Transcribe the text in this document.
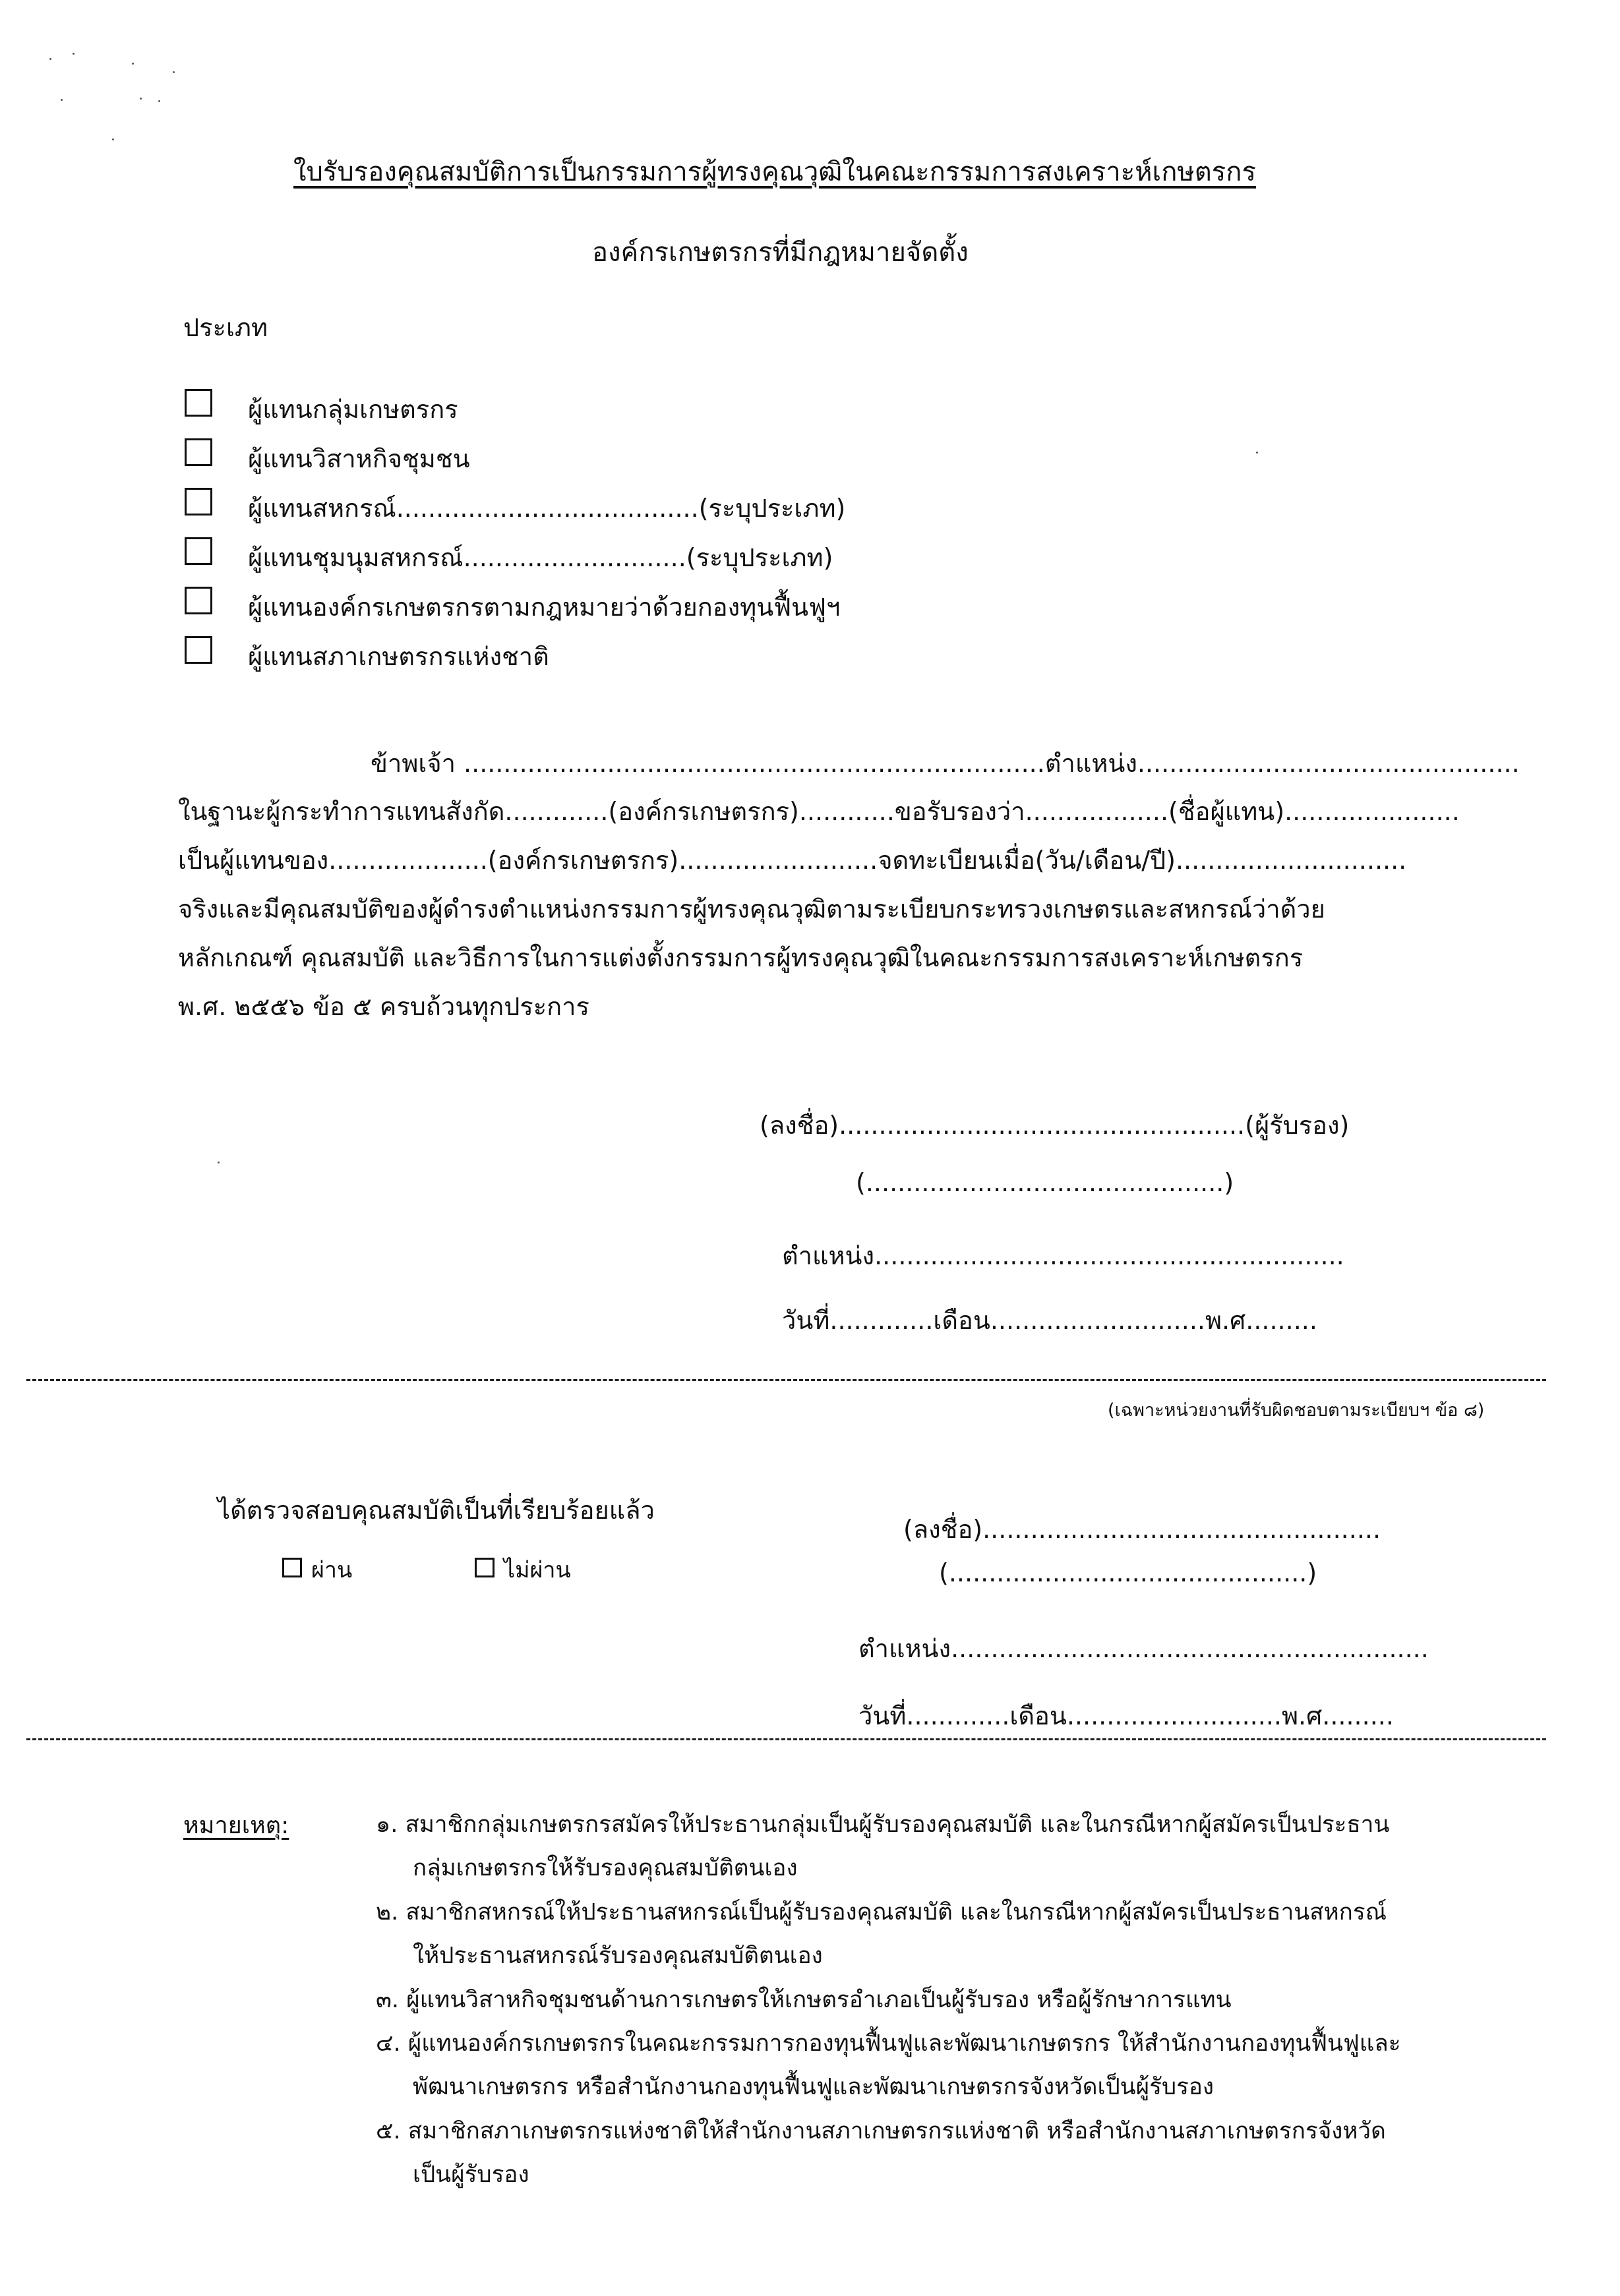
ใบรับรองคุณสมบัติการเป็นกรรมการผู้ทรงคุณวุฒิในคณะกรรมการสงเคราะห์เกษตรกร
องค์กรเกษตรกรที่มีกฎหมายจัดตั้ง
ประเภท
ผู้แทนกลุ่มเกษตรกร
ผู้แทนวิสาหกิจชุมชน
ผู้แทนสหกรณ์......................................(ระบุประเภท)
ผู้แทนชุมนุมสหกรณ์............................(ระบุประเภท)
ผู้แทนองค์กรเกษตรกรตามกฎหมายว่าด้วยกองทุนฟื้นฟูฯ
ผู้แทนสภาเกษตรกรแห่งชาติ
ข้าพเจ้า .........................................................................ตำแหน่ง................................................
ในฐานะผู้กระทำการแทนสังกัด.............(องค์กรเกษตรกร)............ขอรับรองว่า..................(ชื่อผู้แทน)......................
เป็นผู้แทนของ....................(องค์กรเกษตรกร).........................จดทะเบียนเมื่อ(วัน/เดือน/ปี).............................
จริงและมีคุณสมบัติของผู้ดำรงตำแหน่งกรรมการผู้ทรงคุณวุฒิตามระเบียบกระทรวงเกษตรและสหกรณ์ว่าด้วย
หลักเกณฑ์ คุณสมบัติ และวิธีการในการแต่งตั้งกรรมการผู้ทรงคุณวุฒิในคณะกรรมการสงเคราะห์เกษตรกร
พ.ศ. ๒๕๕๖ ข้อ ๕ ครบถ้วนทุกประการ
(ลงชื่อ)...................................................(ผู้รับรอง)
(.............................................)
ตำแหน่ง...........................................................
วันที่.............เดือน...........................พ.ศ.........
(เฉพาะหน่วยงานที่รับผิดชอบตามระเบียบฯ ข้อ ๘)
ได้ตรวจสอบคุณสมบัติเป็นที่เรียบร้อยแล้ว
ผ่าน	ไม่ผ่าน
(ลงชื่อ)..................................................
(.............................................)
ตำแหน่ง............................................................
วันที่.............เดือน...........................พ.ศ.........
หมายเหตุ:	๑. สมาชิกกลุ่มเกษตรกรสมัครให้ประธานกลุ่มเป็นผู้รับรองคุณสมบัติ และในกรณีหากผู้สมัครเป็นประธาน
กลุ่มเกษตรกรให้รับรองคุณสมบัติตนเอง
๒. สมาชิกสหกรณ์ให้ประธานสหกรณ์เป็นผู้รับรองคุณสมบัติ และในกรณีหากผู้สมัครเป็นประธานสหกรณ์
ให้ประธานสหกรณ์รับรองคุณสมบัติตนเอง
๓. ผู้แทนวิสาหกิจชุมชนด้านการเกษตรให้เกษตรอำเภอเป็นผู้รับรอง หรือผู้รักษาการแทน
๔. ผู้แทนองค์กรเกษตรกรในคณะกรรมการกองทุนฟื้นฟูและพัฒนาเกษตรกร ให้สำนักงานกองทุนฟื้นฟูและ
พัฒนาเกษตรกร หรือสำนักงานกองทุนฟื้นฟูและพัฒนาเกษตรกรจังหวัดเป็นผู้รับรอง
๕. สมาชิกสภาเกษตรกรแห่งชาติให้สำนักงานสภาเกษตรกรแห่งชาติ หรือสำนักงานสภาเกษตรกรจังหวัด
เป็นผู้รับรอง
